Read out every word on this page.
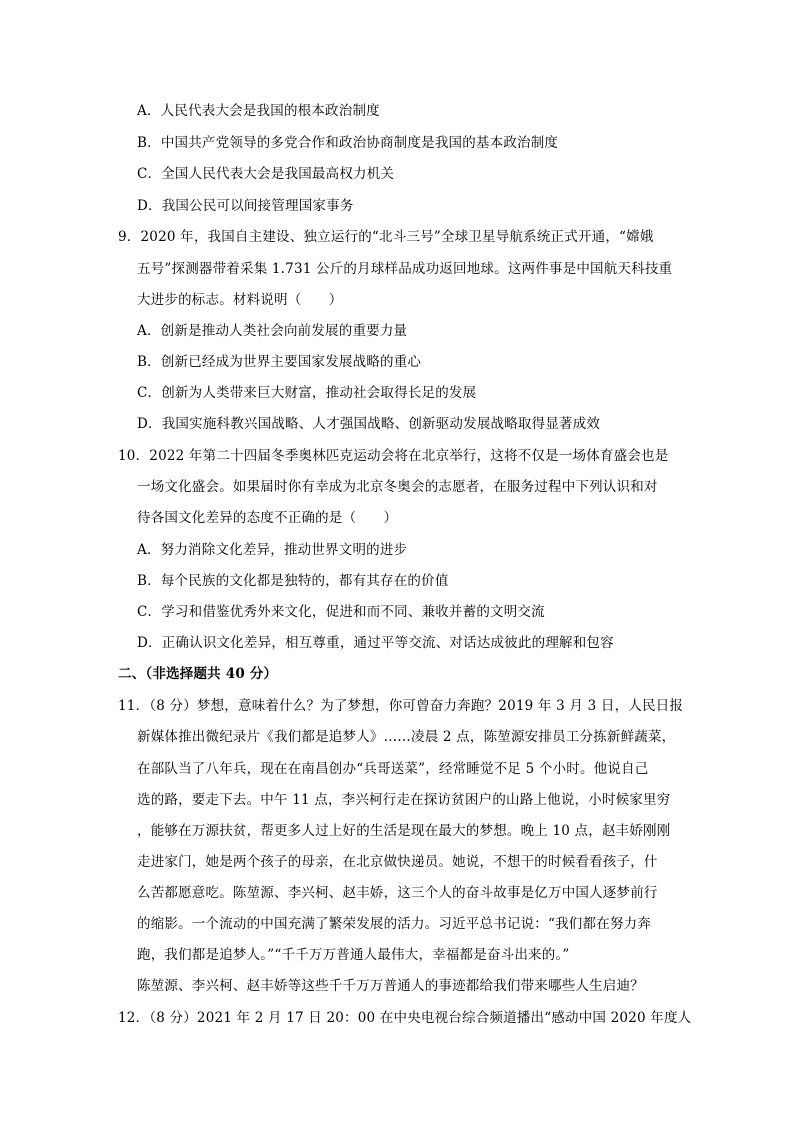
A．人民代表大会是我国的根本政治制度
B．中国共产党领导的多党合作和政治协商制度是我国的基本政治制度
C．全国人民代表大会是我国最高权力机关
D．我国公民可以间接管理国家事务
9．2020 年，我国自主建设、独立运行的“北斗三号”全球卫星导航系统正式开通，“嫦娥
五号”探测器带着采集 1.731 公斤的月球样品成功返回地球。这两件事是中国航天科技重
大进步的标志。材料说明（　　）
A．创新是推动人类社会向前发展的重要力量
B．创新已经成为世界主要国家发展战略的重心
C．创新为人类带来巨大财富，推动社会取得长足的发展
D．我国实施科教兴国战略、人才强国战略、创新驱动发展战略取得显著成效
10．2022 年第二十四届冬季奥林匹克运动会将在北京举行，这将不仅是一场体育盛会也是
一场文化盛会。如果届时你有幸成为北京冬奥会的志愿者，在服务过程中下列认识和对
待各国文化差异的态度不正确的是（　　）
A．努力消除文化差异，推动世界文明的进步
B．每个民族的文化都是独特的，都有其存在的价值
C．学习和借鉴优秀外来文化，促进和而不同、兼收并蓄的文明交流
D．正确认识文化差异，相互尊重，通过平等交流、对话达成彼此的理解和包容
二、（非选择题共 40 分）
11．（8 分）梦想，意味着什么？为了梦想，你可曾奋力奔跑？2019 年 3 月 3 日，人民日报
新媒体推出微纪录片《我们都是追梦人》……凌晨 2 点，陈堃源安排员工分拣新鲜蔬菜，
在部队当了八年兵，现在在南昌创办“兵哥送菜”，经常睡觉不足 5 个小时。他说自己
选的路，要走下去。中午 11 点，李兴柯行走在探访贫困户的山路上他说，小时候家里穷
，能够在万源扶贫，帮更多人过上好的生活是现在最大的梦想。晚上 10 点，赵丰娇刚刚
走进家门，她是两个孩子的母亲，在北京做快递员。她说，不想干的时候看看孩子，什
么苦都愿意吃。陈堃源、李兴柯、赵丰娇，这三个人的奋斗故事是亿万中国人逐梦前行
的缩影。一个流动的中国充满了繁荣发展的活力。习近平总书记说：“我们都在努力奔
跑，我们都是追梦人。”“千千万万普通人最伟大，幸福都是奋斗出来的。”
陈堃源、李兴柯、赵丰娇等这些千千万万普通人的事迹都给我们带来哪些人生启迪？
12．（8 分）2021 年 2 月 17 日 20：00 在中央电视台综合频道播出“感动中国 2020 年度人
